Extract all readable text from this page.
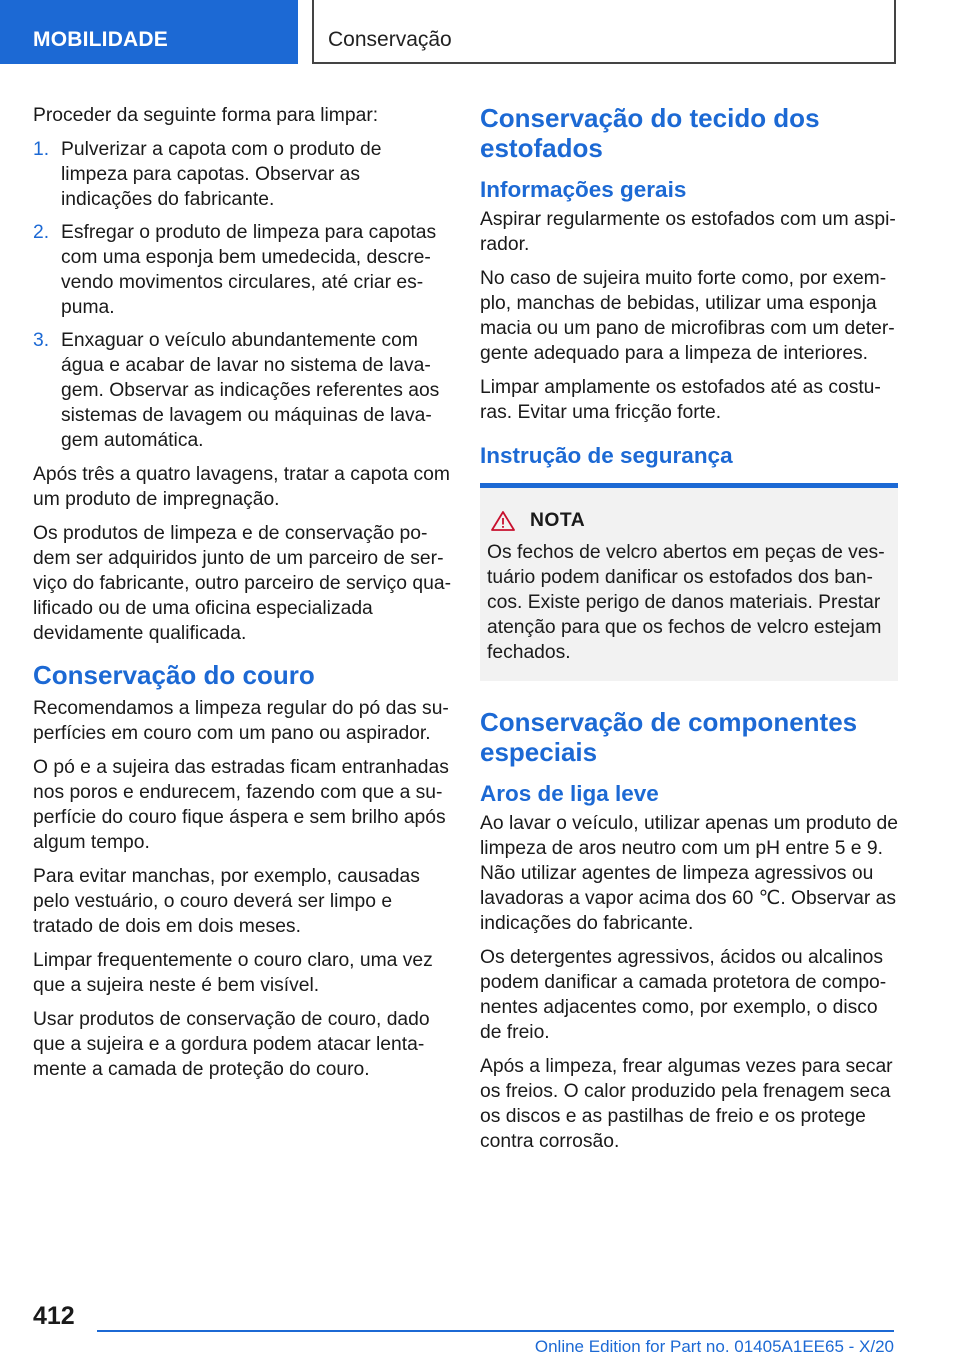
MOBILIDADE	Conservação

Proceder da seguinte forma para limpar:

1. Pulverizar a capota com o produto de limpeza para capotas. Observar as indicações do fabricante.
2. Esfregar o produto de limpeza para capotas com uma esponja bem umedecida, descrevendo movimentos circulares, até criar espuma.
3. Enxaguar o veículo abundantemente com água e acabar de lavar no sistema de lavagem. Observar as indicações referentes aos sistemas de lavagem ou máquinas de lavagem automática.

Após três a quatro lavagens, tratar a capota com um produto de impregnação.

Os produtos de limpeza e de conservação podem ser adquiridos junto de um parceiro de serviço do fabricante, outro parceiro de serviço qualificado ou de uma oficina especializada devidamente qualificada.

Conservação do couro

Recomendamos a limpeza regular do pó das superfícies em couro com um pano ou aspirador.

O pó e a sujeira das estradas ficam entranhadas nos poros e endurecem, fazendo com que a superfície do couro fique áspera e sem brilho após algum tempo.

Para evitar manchas, por exemplo, causadas pelo vestuário, o couro deverá ser limpo e tratado de dois em dois meses.

Limpar frequentemente o couro claro, uma vez que a sujeira neste é bem visível.

Usar produtos de conservação de couro, dado que a sujeira e a gordura podem atacar lentamente a camada de proteção do couro.

Conservação do tecido dos estofados
Informações gerais

Aspirar regularmente os estofados com um aspirador.

No caso de sujeira muito forte como, por exemplo, manchas de bebidas, utilizar uma esponja macia ou um pano de microfibras com um detergente adequado para a limpeza de interiores.

Limpar amplamente os estofados até as costuras. Evitar uma fricção forte.

Instrução de segurança
NOTA

Os fechos de velcro abertos em peças de vestuário podem danificar os estofados dos bancos. Existe perigo de danos materiais. Prestar atenção para que os fechos de velcro estejam fechados.

Conservação de componentes especiais
Aros de liga leve

Ao lavar o veículo, utilizar apenas um produto de limpeza de aros neutro com um pH entre 5 e 9. Não utilizar agentes de limpeza agressivos ou lavadoras a vapor acima dos 60 ℃. Observar as indicações do fabricante.

Os detergentes agressivos, ácidos ou alcalinos podem danificar a camada protetora de componentes adjacentes como, por exemplo, o disco de freio.

Após a limpeza, frear algumas vezes para secar os freios. O calor produzido pela frenagem seca os discos e as pastilhas de freio e os protege contra corrosão.

412
Online Edition for Part no. 01405A1EE65 - X/20
